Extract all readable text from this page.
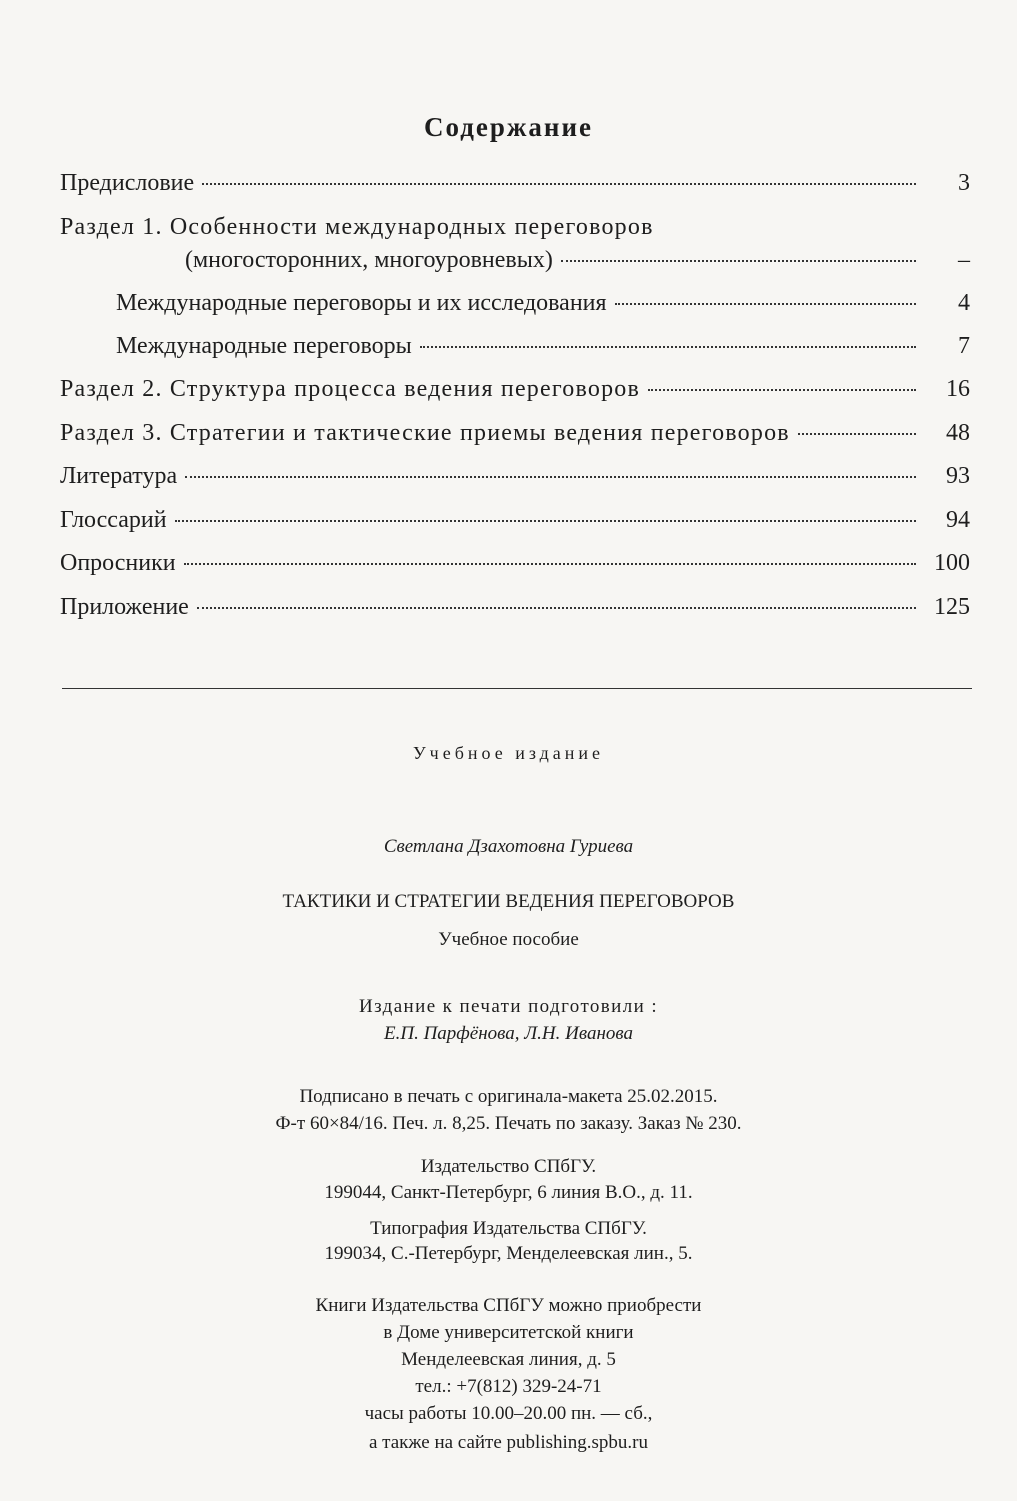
Содержание
Предисловие	3
Раздел 1. Особенности международных переговоров
(многосторонних, многоуровневых)	–
Международные переговоры и их исследования	4
Международные переговоры	7
Раздел 2. Структура процесса ведения переговоров	16
Раздел 3. Стратегии и тактические приемы ведения переговоров	48
Литература	93
Глоссарий	94
Опросники	100
Приложение	125
Учебное издание
Светлана Дзахотовна Гуриева
ТАКТИКИ И СТРАТЕГИИ ВЕДЕНИЯ ПЕРЕГОВОРОВ
Учебное пособие
Издание к печати подготовили :
Е.П. Парфёнова, Л.Н. Иванова
Подписано в печать с оригинала-макета 25.02.2015.
Ф-т 60×84/16. Печ. л. 8,25. Печать по заказу. Заказ № 230.
Издательство СПбГУ.
199044, Санкт-Петербург, 6 линия В.О., д. 11.
Типография Издательства СПбГУ.
199034, С.-Петербург, Менделеевская лин., 5.
Книги Издательства СПбГУ можно приобрести
в Доме университетской книги
Менделеевская линия, д. 5
тел.: +7(812) 329-24-71
часы работы 10.00–20.00 пн. — сб.,
а также на сайте publishing.spbu.ru
